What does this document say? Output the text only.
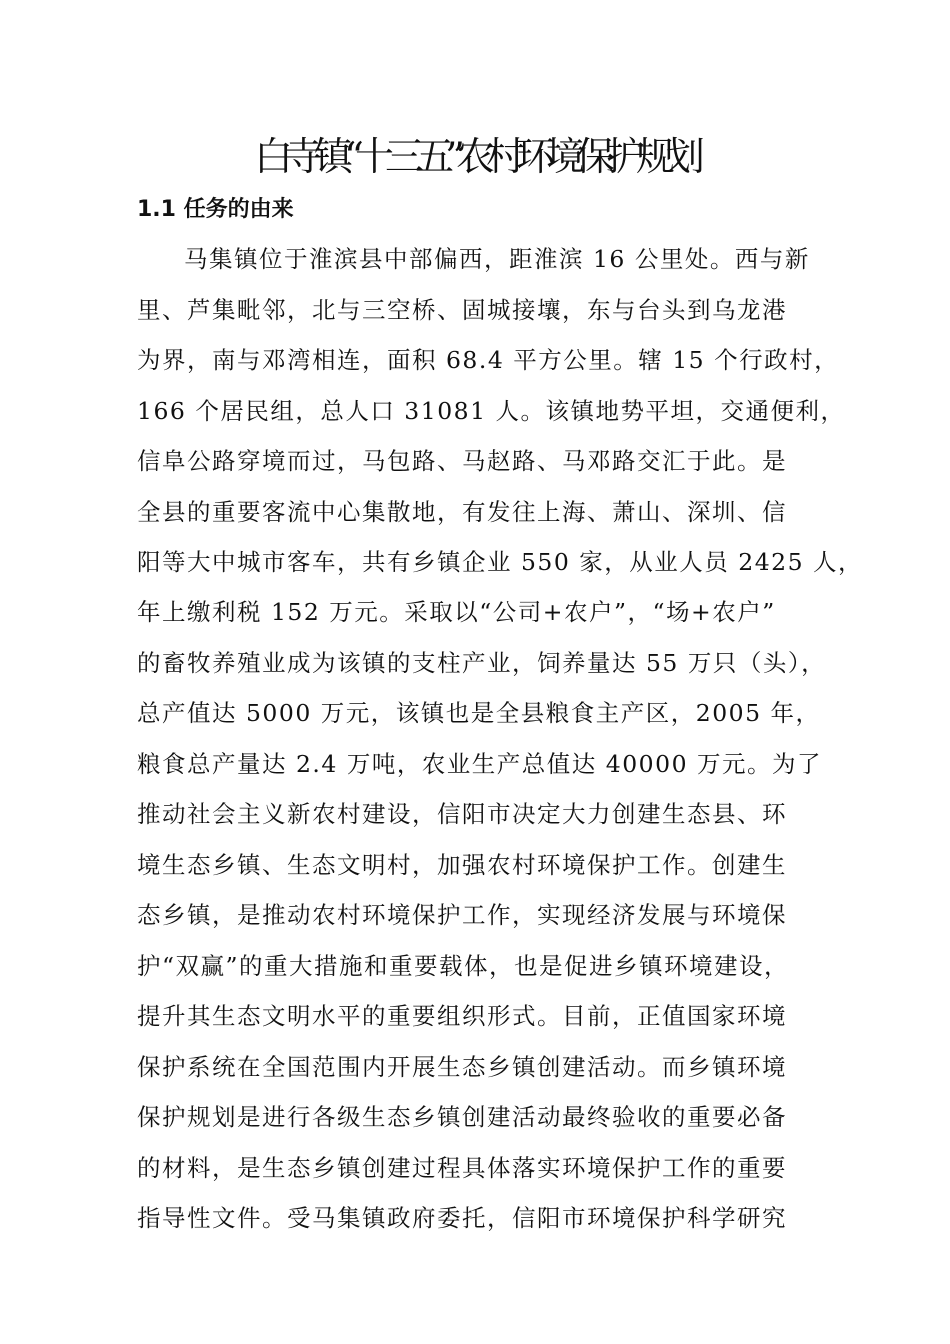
白寺镇“十三五”农村环境保护规划
1.1 任务的由来
马集镇位于淮滨县中部偏西，距淮滨 16 公里处。西与新
里、芦集毗邻，北与三空桥、固城接壤，东与台头到乌龙港
为界，南与邓湾相连，面积 68.4 平方公里。辖 15 个行政村，
166 个居民组，总人口 31081 人。该镇地势平坦，交通便利，
信阜公路穿境而过，马包路、马赵路、马邓路交汇于此。是
全县的重要客流中心集散地，有发往上海、萧山、深圳、信
阳等大中城市客车，共有乡镇企业 550 家，从业人员 2425 人，
年上缴利税 152 万元。采取以“公司+农户”，“场+农户”
的畜牧养殖业成为该镇的支柱产业，饲养量达 55 万只（头），
总产值达 5000 万元，该镇也是全县粮食主产区，2005 年，
粮食总产量达 2.4 万吨，农业生产总值达 40000 万元。为了
推动社会主义新农村建设，信阳市决定大力创建生态县、环
境生态乡镇、生态文明村，加强农村环境保护工作。创建生
态乡镇，是推动农村环境保护工作，实现经济发展与环境保
护“双赢”的重大措施和重要载体，也是促进乡镇环境建设，
提升其生态文明水平的重要组织形式。目前，正值国家环境
保护系统在全国范围内开展生态乡镇创建活动。而乡镇环境
保护规划是进行各级生态乡镇创建活动最终验收的重要必备
的材料，是生态乡镇创建过程具体落实环境保护工作的重要
指导性文件。受马集镇政府委托，信阳市环境保护科学研究
